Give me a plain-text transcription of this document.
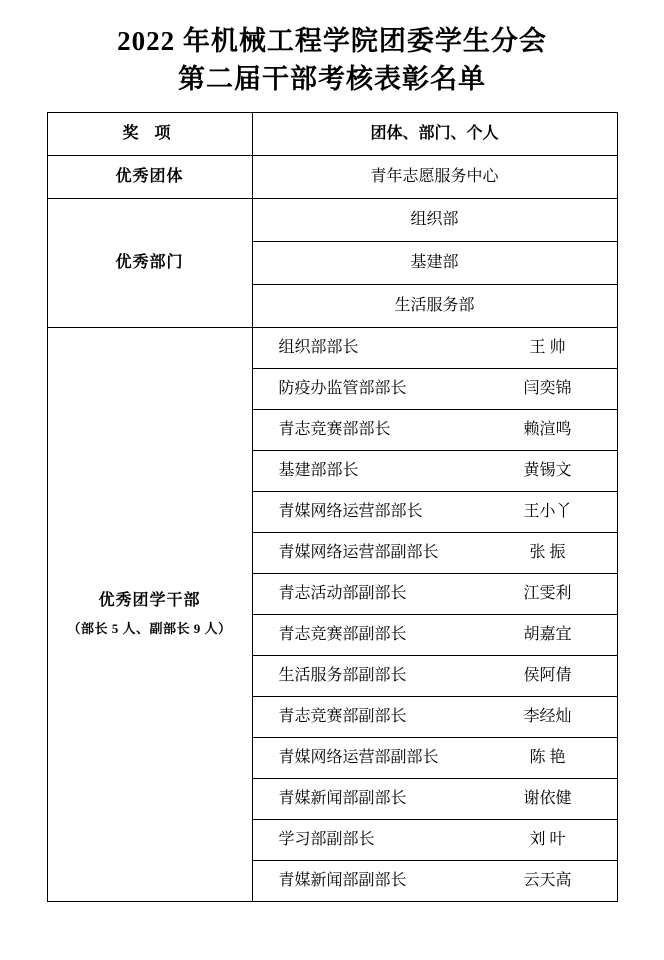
2022 年机械工程学院团委学生分会
第二届干部考核表彰名单
奖 项	团体、部门、个人

优秀团体	青年志愿服务中心

优秀部门	组织部

	基建部

	生活服务部

优秀团学干部
（部长 5 人、副部长 9 人）	组织部部长 王 帅

	防疫办监管部部长 闫奕锦

	青志竞赛部部长 赖渲鸣

	基建部部长 黄锡文

	青媒网络运营部部长 王小丫

	青媒网络运营部副部长 张 振

	青志活动部副部长 江雯利

	青志竞赛部副部长 胡嘉宜

	生活服务部副部长 侯阿倩

	青志竞赛部副部长 李经灿

	青媒网络运营部副部长 陈 艳

	青媒新闻部副部长 谢依健

	学习部副部长 刘 叶

	青媒新闻部副部长 云天高
